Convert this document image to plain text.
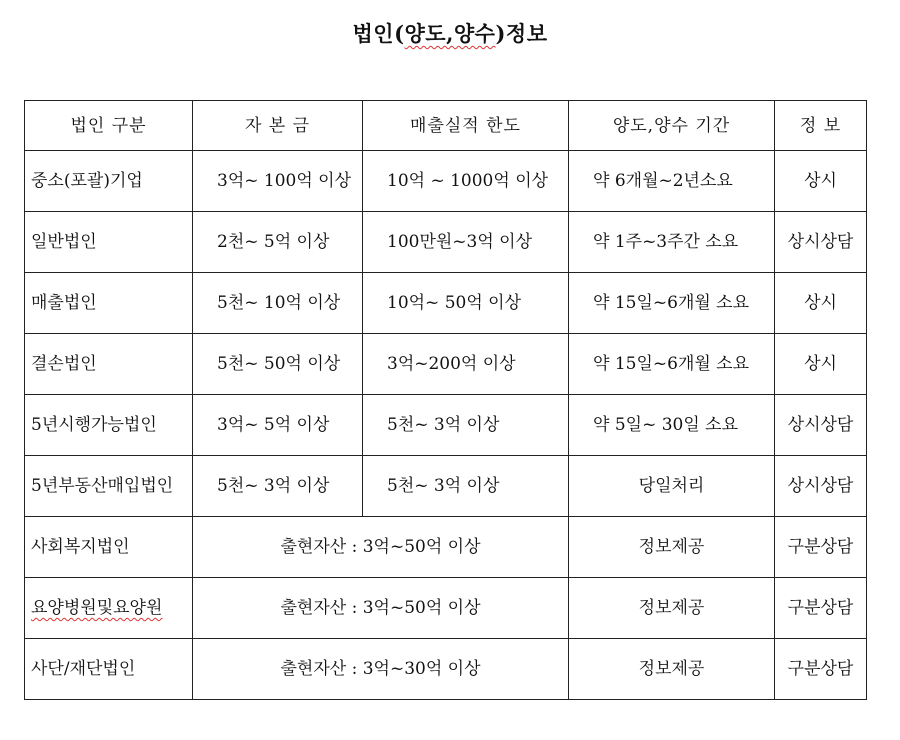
법인(양도,양수)정보
법인 구분	자 본 금	매출실적 한도	양도,양수 기간	정 보
중소(포괄)기업	3억~ 100억 이상	10억 ~ 1000억 이상	약 6개월~2년소요	상시
일반법인	2천~ 5억 이상	100만원~3억 이상	약 1주~3주간 소요	상시상담
매출법인	5천~ 10억 이상	10억~ 50억 이상	약 15일~6개월 소요	상시
결손법인	5천~ 50억 이상	3억~200억 이상	약 15일~6개월 소요	상시
5년시행가능법인	3억~ 5억 이상	5천~ 3억 이상	약 5일~ 30일 소요	상시상담
5년부동산매입법인	5천~ 3억 이상	5천~ 3억 이상	당일처리	상시상담
사회복지법인	출현자산 : 3억~50억 이상		정보제공	구분상담
요양병원및요양원	출현자산 : 3억~50억 이상		정보제공	구분상담
사단/재단법인	출현자산 : 3억~30억 이상		정보제공	구분상담
